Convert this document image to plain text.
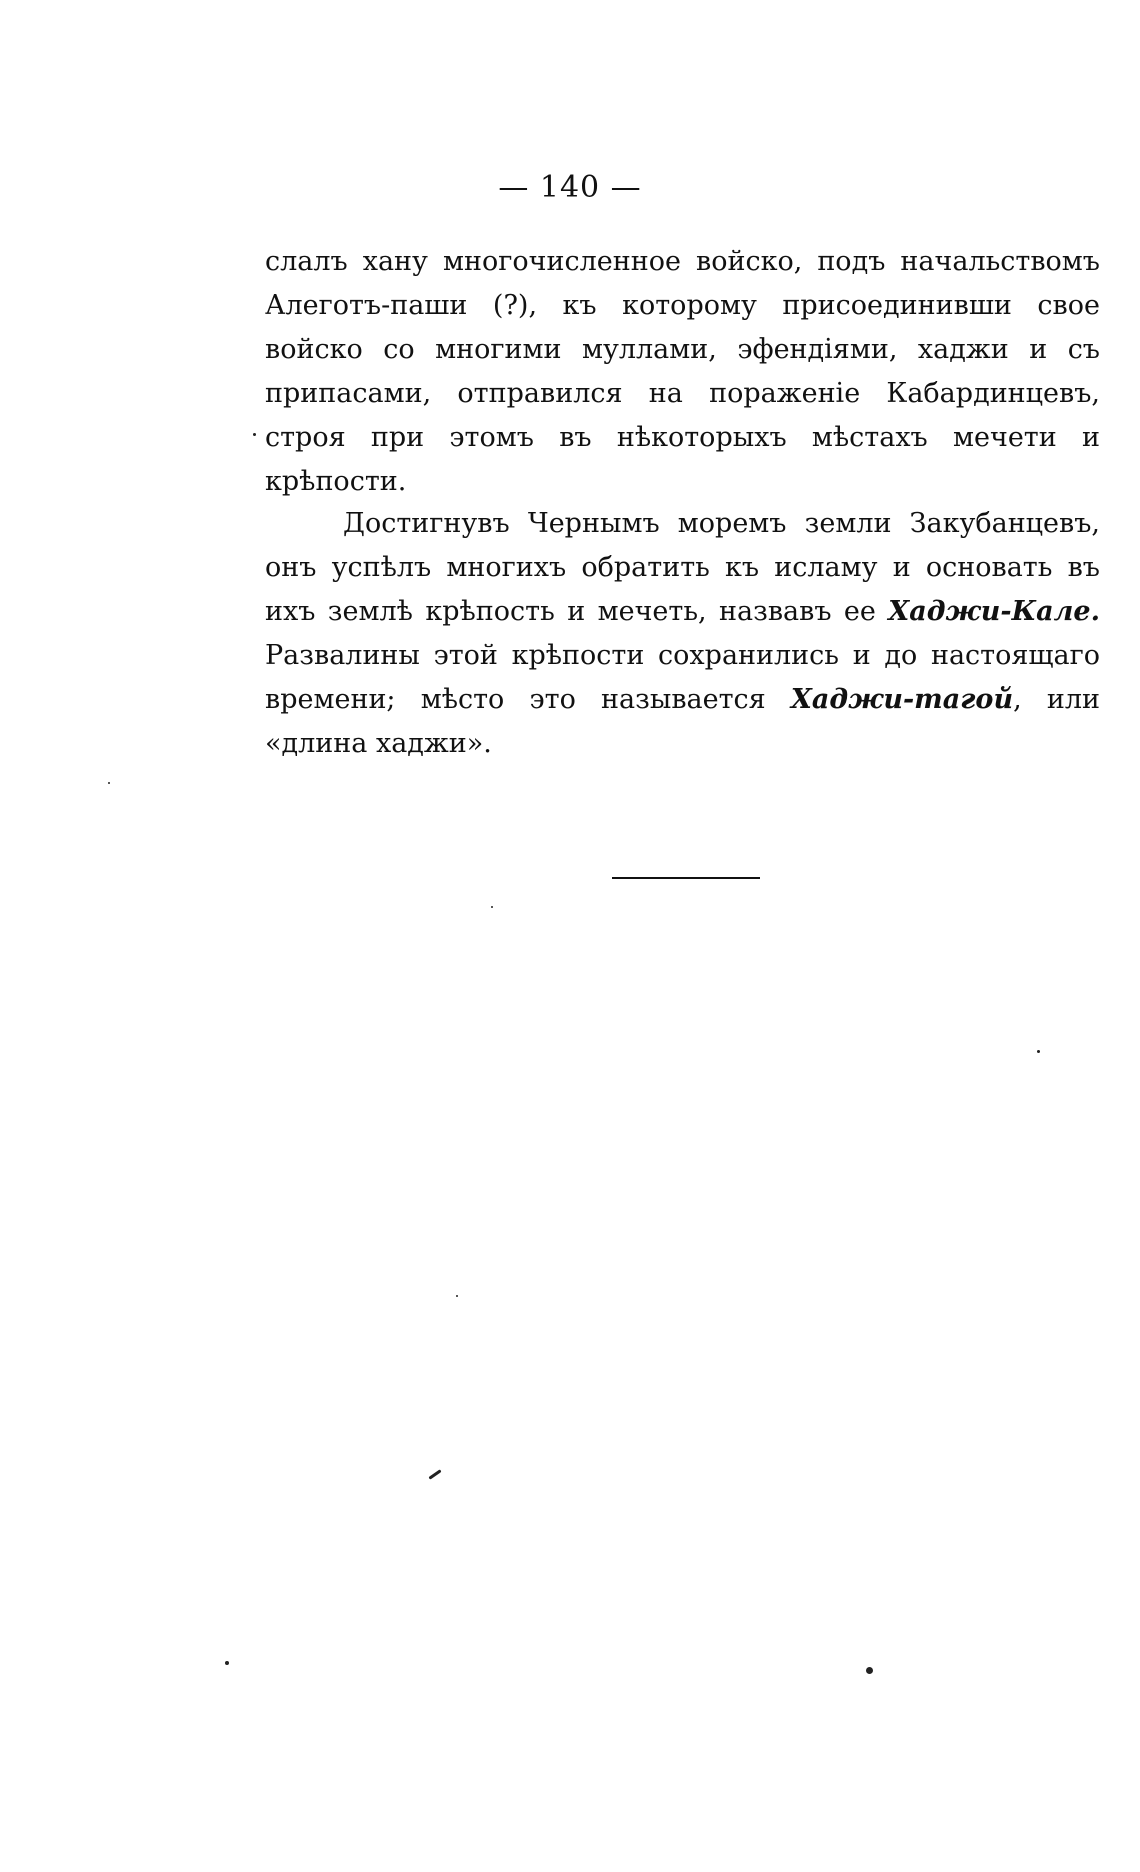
— 140 —

слалъ хану многочисленное войско, подъ начальствомъ Алеготъ-паши (?), къ которому присоединивши свое войско со многими муллами, эфендіями, хаджи и съ припасами, отправился на пораженіе Кабардинцевъ, строя при этомъ въ нѣкоторыхъ мѣстахъ мечети и крѣпости.

Достигнувъ Чернымъ моремъ земли Закубанцевъ, онъ успѣлъ многихъ обратить къ исламу и основать въ ихъ землѣ крѣпость и мечеть, назвавъ ее Хаджи-Кале. Развалины этой крѣпости сохранились и до настоящаго времени; мѣсто это называется Хаджи-тагой, или «длина хаджи».
